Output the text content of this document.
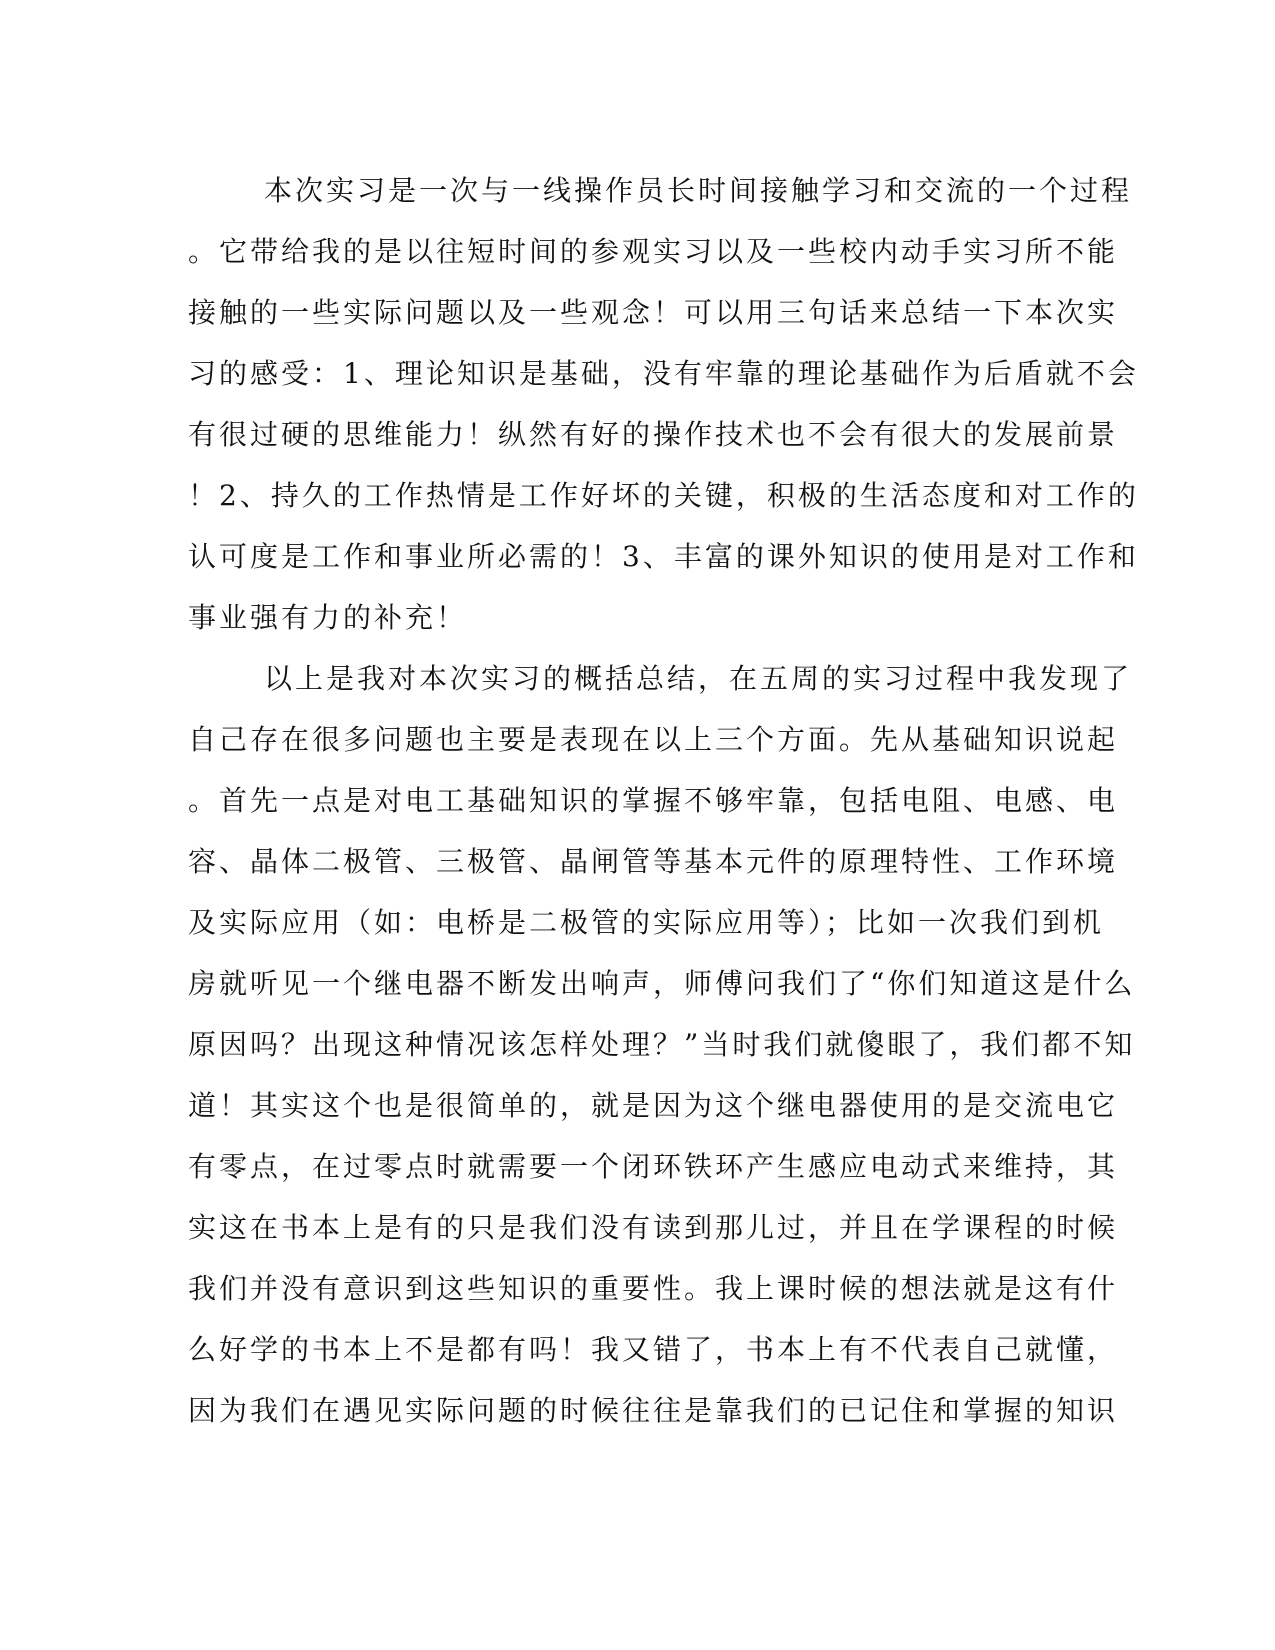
本次实习是一次与一线操作员长时间接触学习和交流的一个过程
。它带给我的是以往短时间的参观实习以及一些校内动手实习所不能
接触的一些实际问题以及一些观念！可以用三句话来总结一下本次实
习的感受：1、理论知识是基础，没有牢靠的理论基础作为后盾就不会
有很过硬的思维能力！纵然有好的操作技术也不会有很大的发展前景
！2、持久的工作热情是工作好坏的关键，积极的生活态度和对工作的
认可度是工作和事业所必需的！3、丰富的课外知识的使用是对工作和
事业强有力的补充！
以上是我对本次实习的概括总结，在五周的实习过程中我发现了
自己存在很多问题也主要是表现在以上三个方面。先从基础知识说起
。首先一点是对电工基础知识的掌握不够牢靠，包括电阻、电感、电
容、晶体二极管、三极管、晶闸管等基本元件的原理特性、工作环境
及实际应用（如：电桥是二极管的实际应用等）；比如一次我们到机
房就听见一个继电器不断发出响声，师傅问我们了“你们知道这是什么
原因吗？出现这种情况该怎样处理？”当时我们就傻眼了，我们都不知
道！其实这个也是很简单的，就是因为这个继电器使用的是交流电它
有零点，在过零点时就需要一个闭环铁环产生感应电动式来维持，其
实这在书本上是有的只是我们没有读到那儿过，并且在学课程的时候
我们并没有意识到这些知识的重要性。我上课时候的想法就是这有什
么好学的书本上不是都有吗！我又错了，书本上有不代表自己就懂，
因为我们在遇见实际问题的时候往往是靠我们的已记住和掌握的知识
